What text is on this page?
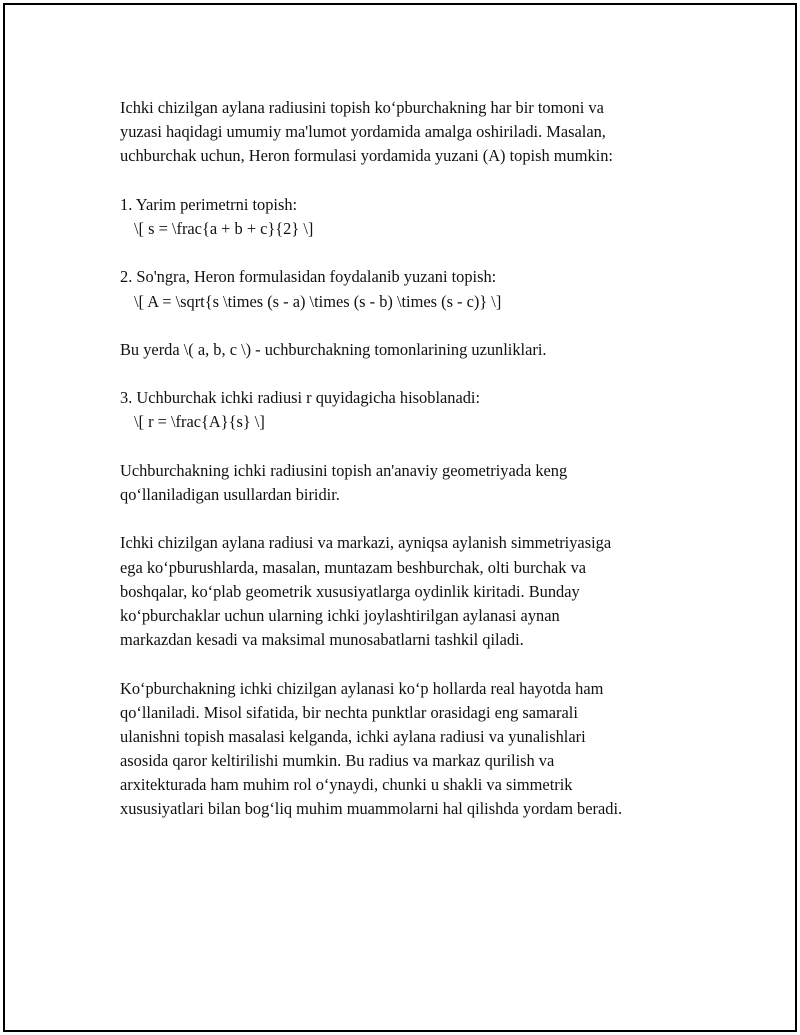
Ichki chizilgan aylana radiusini topish ko‘pburchakning har bir tomoni va
yuzasi haqidagi umumiy ma'lumot yordamida amalga oshiriladi. Masalan,
uchburchak uchun, Heron formulasi yordamida yuzani (A) topish mumkin:
1. Yarim perimetrni topish:
\[ s = \frac{a + b + c}{2} \]
2. So'ngra, Heron formulasidan foydalanib yuzani topish:
\[ A = \sqrt{s \times (s - a) \times (s - b) \times (s - c)} \]
Bu yerda \( a, b, c \) - uchburchakning tomonlarining uzunliklari.
3. Uchburchak ichki radiusi r quyidagicha hisoblanadi:
\[ r = \frac{A}{s} \]
Uchburchakning ichki radiusini topish an'anaviy geometriyada keng
qo‘llaniladigan usullardan biridir.
Ichki chizilgan aylana radiusi va markazi, ayniqsa aylanish simmetriyasiga
ega ko‘pburushlarda, masalan, muntazam beshburchak, olti burchak va
boshqalar, ko‘plab geometrik xususiyatlarga oydinlik kiritadi. Bunday
ko‘pburchaklar uchun ularning ichki joylashtirilgan aylanasi aynan
markazdan kesadi va maksimal munosabatlarni tashkil qiladi.
Ko‘pburchakning ichki chizilgan aylanasi ko‘p hollarda real hayotda ham
qo‘llaniladi. Misol sifatida, bir nechta punktlar orasidagi eng samarali
ulanishni topish masalasi kelganda, ichki aylana radiusi va yunalishlari
asosida qaror keltirilishi mumkin. Bu radius va markaz qurilish va
arxitekturada ham muhim rol o‘ynaydi, chunki u shakli va simmetrik
xususiyatlari bilan bog‘liq muhim muammolarni hal qilishda yordam beradi.
